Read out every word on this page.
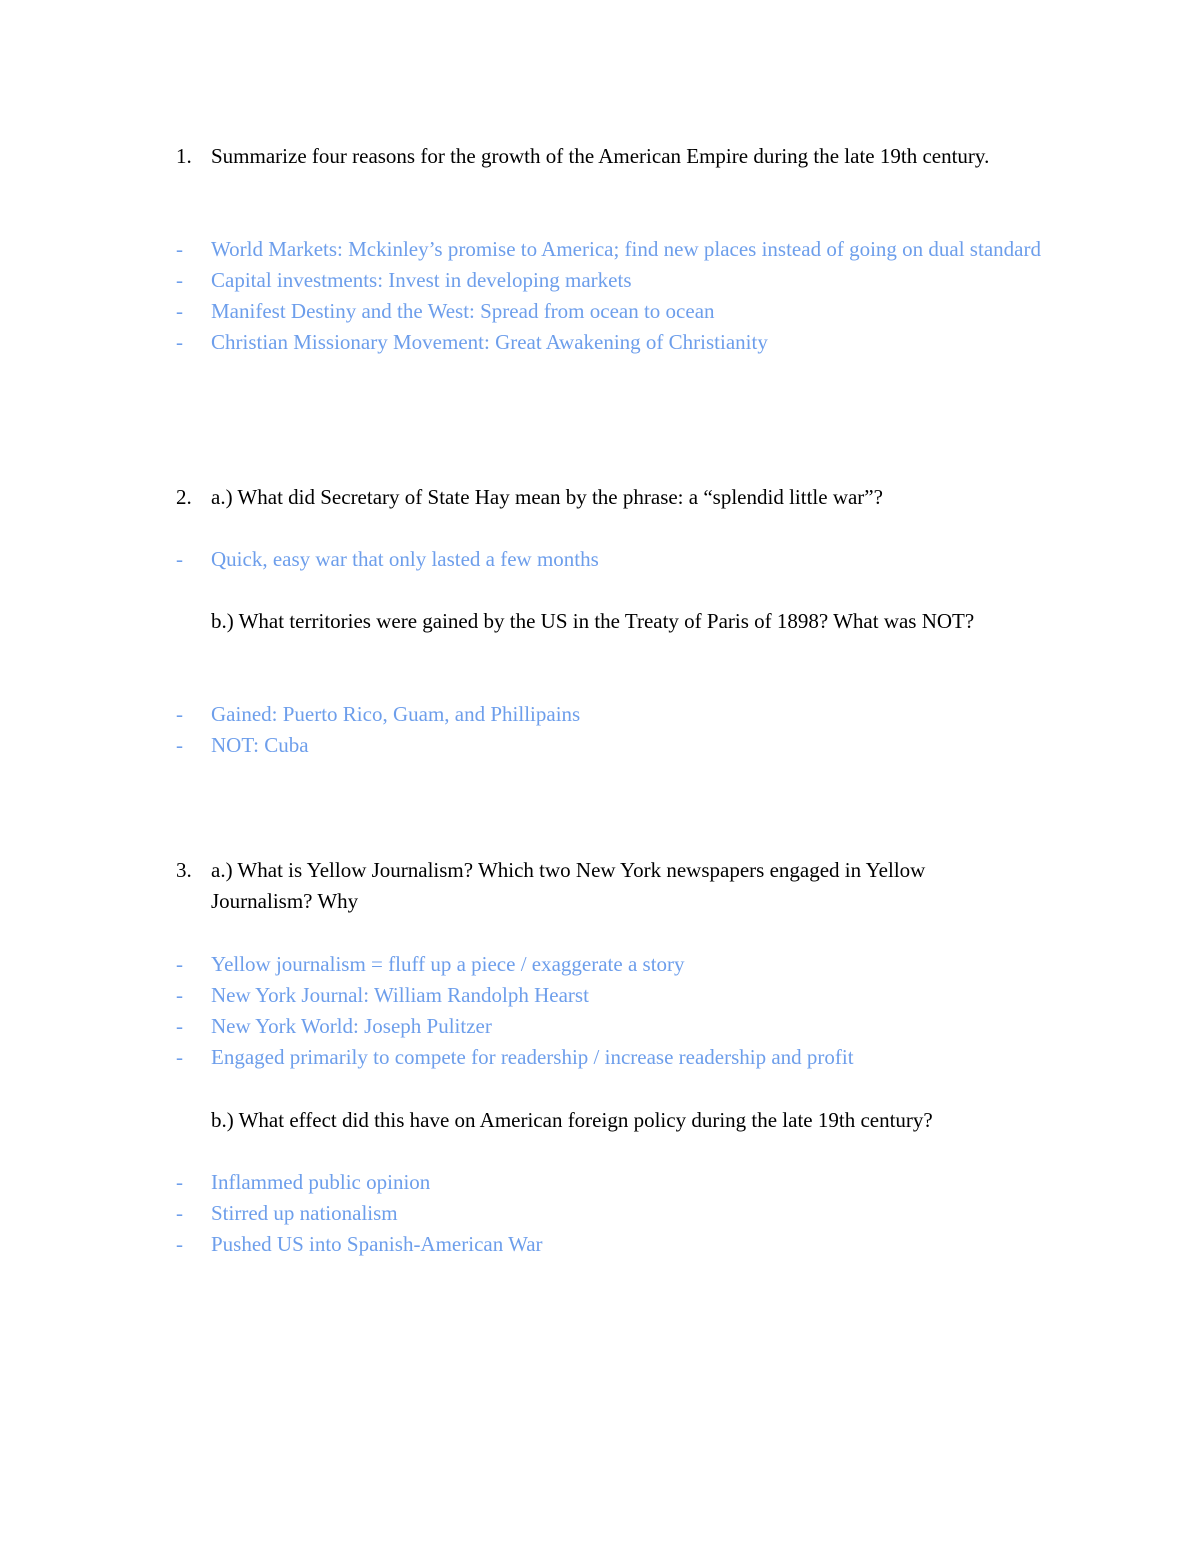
1. Summarize four reasons for the growth of the American Empire during the late 19th century.
- World Markets: Mckinley’s promise to America; find new places instead of going on dual standard
- Capital investments: Invest in developing markets
- Manifest Destiny and the West: Spread from ocean to ocean
- Christian Missionary Movement: Great Awakening of Christianity
2. a.) What did Secretary of State Hay mean by the phrase: a “splendid little war”?
- Quick, easy war that only lasted a few months
b.) What territories were gained by the US in the Treaty of Paris of 1898? What was NOT?
- Gained: Puerto Rico, Guam, and Phillipains
- NOT: Cuba
3. a.) What is Yellow Journalism? Which two New York newspapers engaged in Yellow Journalism? Why
- Yellow journalism = fluff up a piece / exaggerate a story
- New York Journal: William Randolph Hearst
- New York World: Joseph Pulitzer
- Engaged primarily to compete for readership / increase readership and profit
b.) What effect did this have on American foreign policy during the late 19th century?
- Inflammed public opinion
- Stirred up nationalism
- Pushed US into Spanish-American War
